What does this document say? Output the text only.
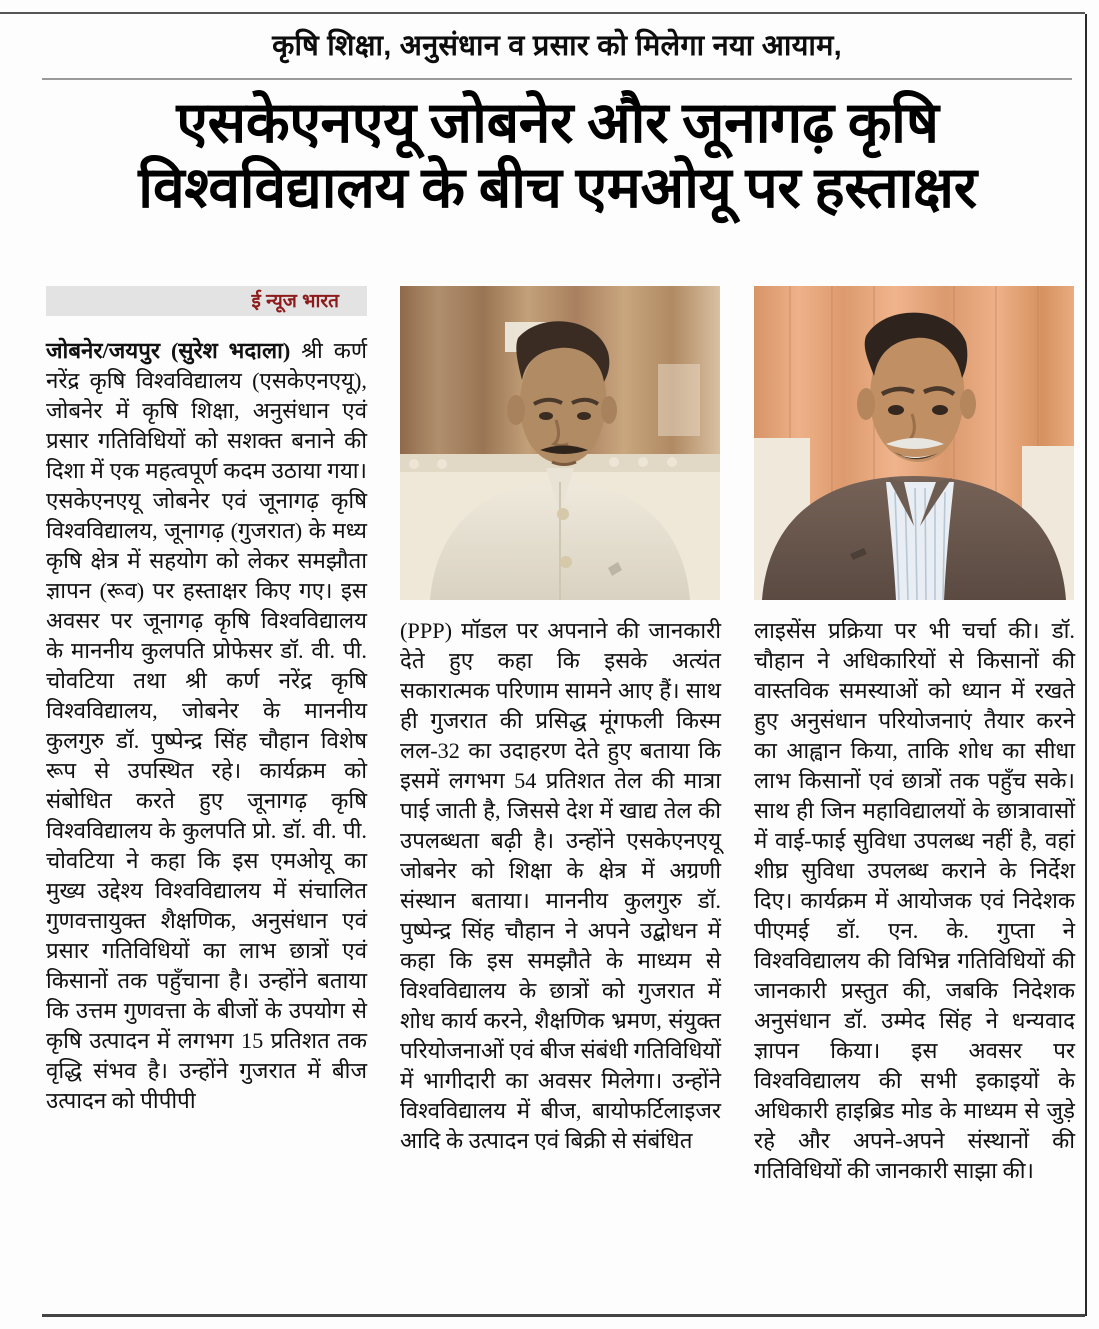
कृषि शिक्षा, अनुसंधान व प्रसार को मिलेगा नया आयाम,
एसकेएनएयू जोबनेर और जूनागढ़ कृषि
विश्वविद्यालय के बीच एमओयू पर हस्ताक्षर
ई न्यूज भारत
जोबनेर/जयपुर (सुरेश भदाला) श्री कर्ण नरेंद्र कृषि विश्वविद्यालय (एसकेएनएयू), जोबनेर में कृषि शिक्षा, अनुसंधान एवं प्रसार गतिविधियों को सशक्त बनाने की दिशा में एक महत्वपूर्ण कदम उठाया गया। एसकेएनएयू जोबनेर एवं जूनागढ़ कृषि विश्वविद्यालय, जूनागढ़ (गुजरात) के मध्य कृषि क्षेत्र में सहयोग को लेकर समझौता ज्ञापन (रूव) पर हस्ताक्षर किए गए। इस अवसर पर जूनागढ़ कृषि विश्वविद्यालय के माननीय कुलपति प्रोफेसर डॉ. वी. पी. चोवटिया तथा श्री कर्ण नरेंद्र कृषि विश्वविद्यालय, जोबनेर के माननीय कुलगुरु डॉ. पुष्पेन्द्र सिंह चौहान विशेष रूप से उपस्थित रहे। कार्यक्रम को संबोधित करते हुए जूनागढ़ कृषि विश्वविद्यालय के कुलपति प्रो. डॉ. वी. पी. चोवटिया ने कहा कि इस एमओयू का मुख्य उद्देश्य विश्वविद्यालय में संचालित गुणवत्तायुक्त शैक्षणिक, अनुसंधान एवं प्रसार गतिविधियों का लाभ छात्रों एवं किसानों तक पहुँचाना है। उन्होंने बताया कि उत्तम गुणवत्ता के बीजों के उपयोग से कृषि उत्पादन में लगभग 15 प्रतिशत तक वृद्धि संभव है। उन्होंने गुजरात में बीज उत्पादन को पीपीपी
(PPP) मॉडल पर अपनाने की जानकारी देते हुए कहा कि इसके अत्यंत सकारात्मक परिणाम सामने आए हैं। साथ ही गुजरात की प्रसिद्ध मूंगफली किस्म लल-32 का उदाहरण देते हुए बताया कि इसमें लगभग 54 प्रतिशत तेल की मात्रा पाई जाती है, जिससे देश में खाद्य तेल की उपलब्धता बढ़ी है। उन्होंने एसकेएनएयू जोबनेर को शिक्षा के क्षेत्र में अग्रणी संस्थान बताया। माननीय कुलगुरु डॉ. पुष्पेन्द्र सिंह चौहान ने अपने उद्बोधन में कहा कि इस समझौते के माध्यम से विश्वविद्यालय के छात्रों को गुजरात में शोध कार्य करने, शैक्षणिक भ्रमण, संयुक्त परियोजनाओं एवं बीज संबंधी गतिविधियों में भागीदारी का अवसर मिलेगा। उन्होंने विश्वविद्यालय में बीज, बायोफर्टिलाइजर आदि के उत्पादन एवं बिक्री से संबंधित
लाइसेंस प्रक्रिया पर भी चर्चा की। डॉ. चौहान ने अधिकारियों से किसानों की वास्तविक समस्याओं को ध्यान में रखते हुए अनुसंधान परियोजनाएं तैयार करने का आह्वान किया, ताकि शोध का सीधा लाभ किसानों एवं छात्रों तक पहुँच सके। साथ ही जिन महाविद्यालयों के छात्रावासों में वाई-फाई सुविधा उपलब्ध नहीं है, वहां शीघ्र सुविधा उपलब्ध कराने के निर्देश दिए। कार्यक्रम में आयोजक एवं निदेशक पीएमई डॉ. एन. के. गुप्ता ने विश्वविद्यालय की विभिन्न गतिविधियों की जानकारी प्रस्तुत की, जबकि निदेशक अनुसंधान डॉ. उम्मेद सिंह ने धन्यवाद ज्ञापन किया। इस अवसर पर विश्वविद्यालय की सभी इकाइयों के अधिकारी हाइब्रिड मोड के माध्यम से जुड़े रहे और अपने-अपने संस्थानों की गतिविधियों की जानकारी साझा की।
